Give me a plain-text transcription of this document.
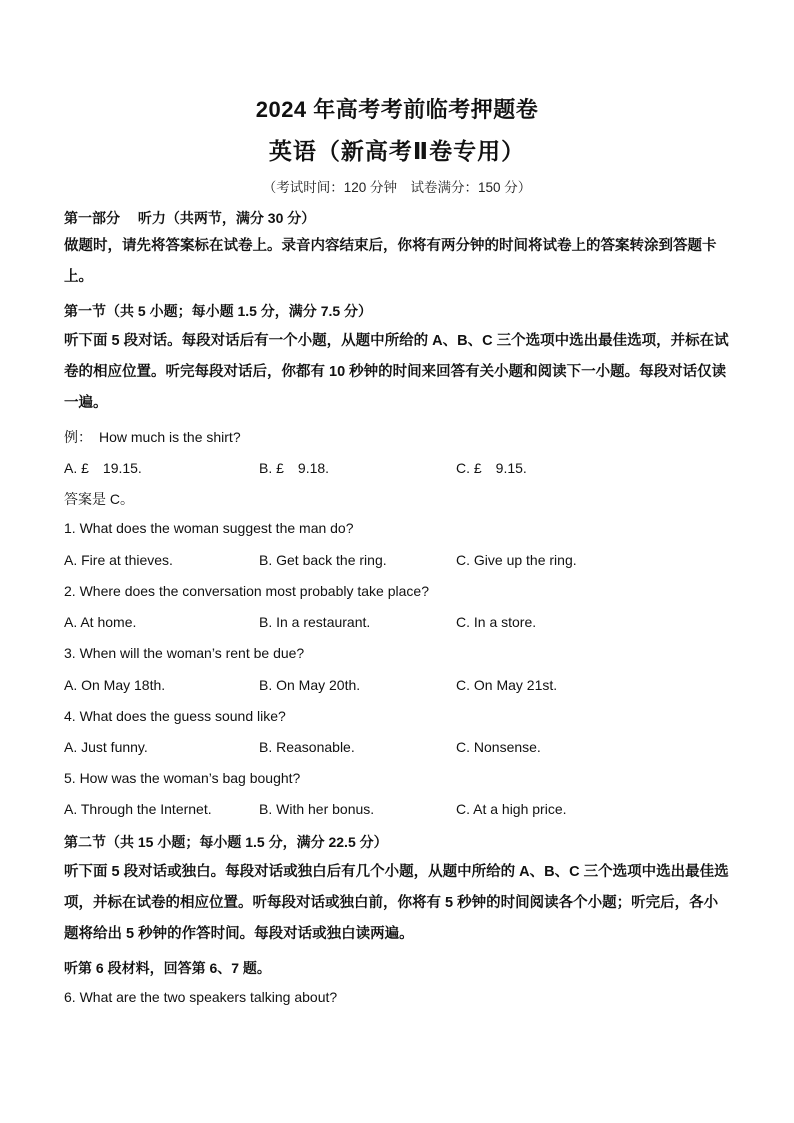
2024 年高考考前临考押题卷
英语（新高考Ⅱ卷专用）
（考试时间：120 分钟　试卷满分：150 分）
第一部分　 听力（共两节，满分 30 分）
做题时，请先将答案标在试卷上。录音内容结束后，你将有两分钟的时间将试卷上的答案转涂到答题卡上。
第一节（共 5 小题；每小题 1.5 分，满分 7.5 分）
听下面 5 段对话。每段对话后有一个小题，从题中所给的 A、B、C 三个选项中选出最佳选项，并标在试卷的相应位置。听完每段对话后，你都有 10 秒钟的时间来回答有关小题和阅读下一小题。每段对话仅读一遍。
例：　How much is the shirt?
A. £　19.15.	B. £　9.18.	C. £　9.15.
答案是 C。
1. What does the woman suggest the man do?
A. Fire at thieves.	B. Get back the ring.	C. Give up the ring.
2. Where does the conversation most probably take place?
A. At home.	B. In a restaurant.	C. In a store.
3. When will the woman’s rent be due?
A. On May 18th.	B. On May 20th.	C. On May 21st.
4. What does the guess sound like?
A. Just funny.	B. Reasonable.	C. Nonsense.
5. How was the woman’s bag bought?
A. Through the Internet.	B. With her bonus.	C. At a high price.
第二节（共 15 小题；每小题 1.5 分，满分 22.5 分）
听下面 5 段对话或独白。每段对话或独白后有几个小题，从题中所给的 A、B、C 三个选项中选出最佳选项，并标在试卷的相应位置。听每段对话或独白前，你将有 5 秒钟的时间阅读各个小题；听完后，各小题将给出 5 秒钟的作答时间。每段对话或独白读两遍。
听第 6 段材料，回答第 6、7 题。
6. What are the two speakers talking about?
